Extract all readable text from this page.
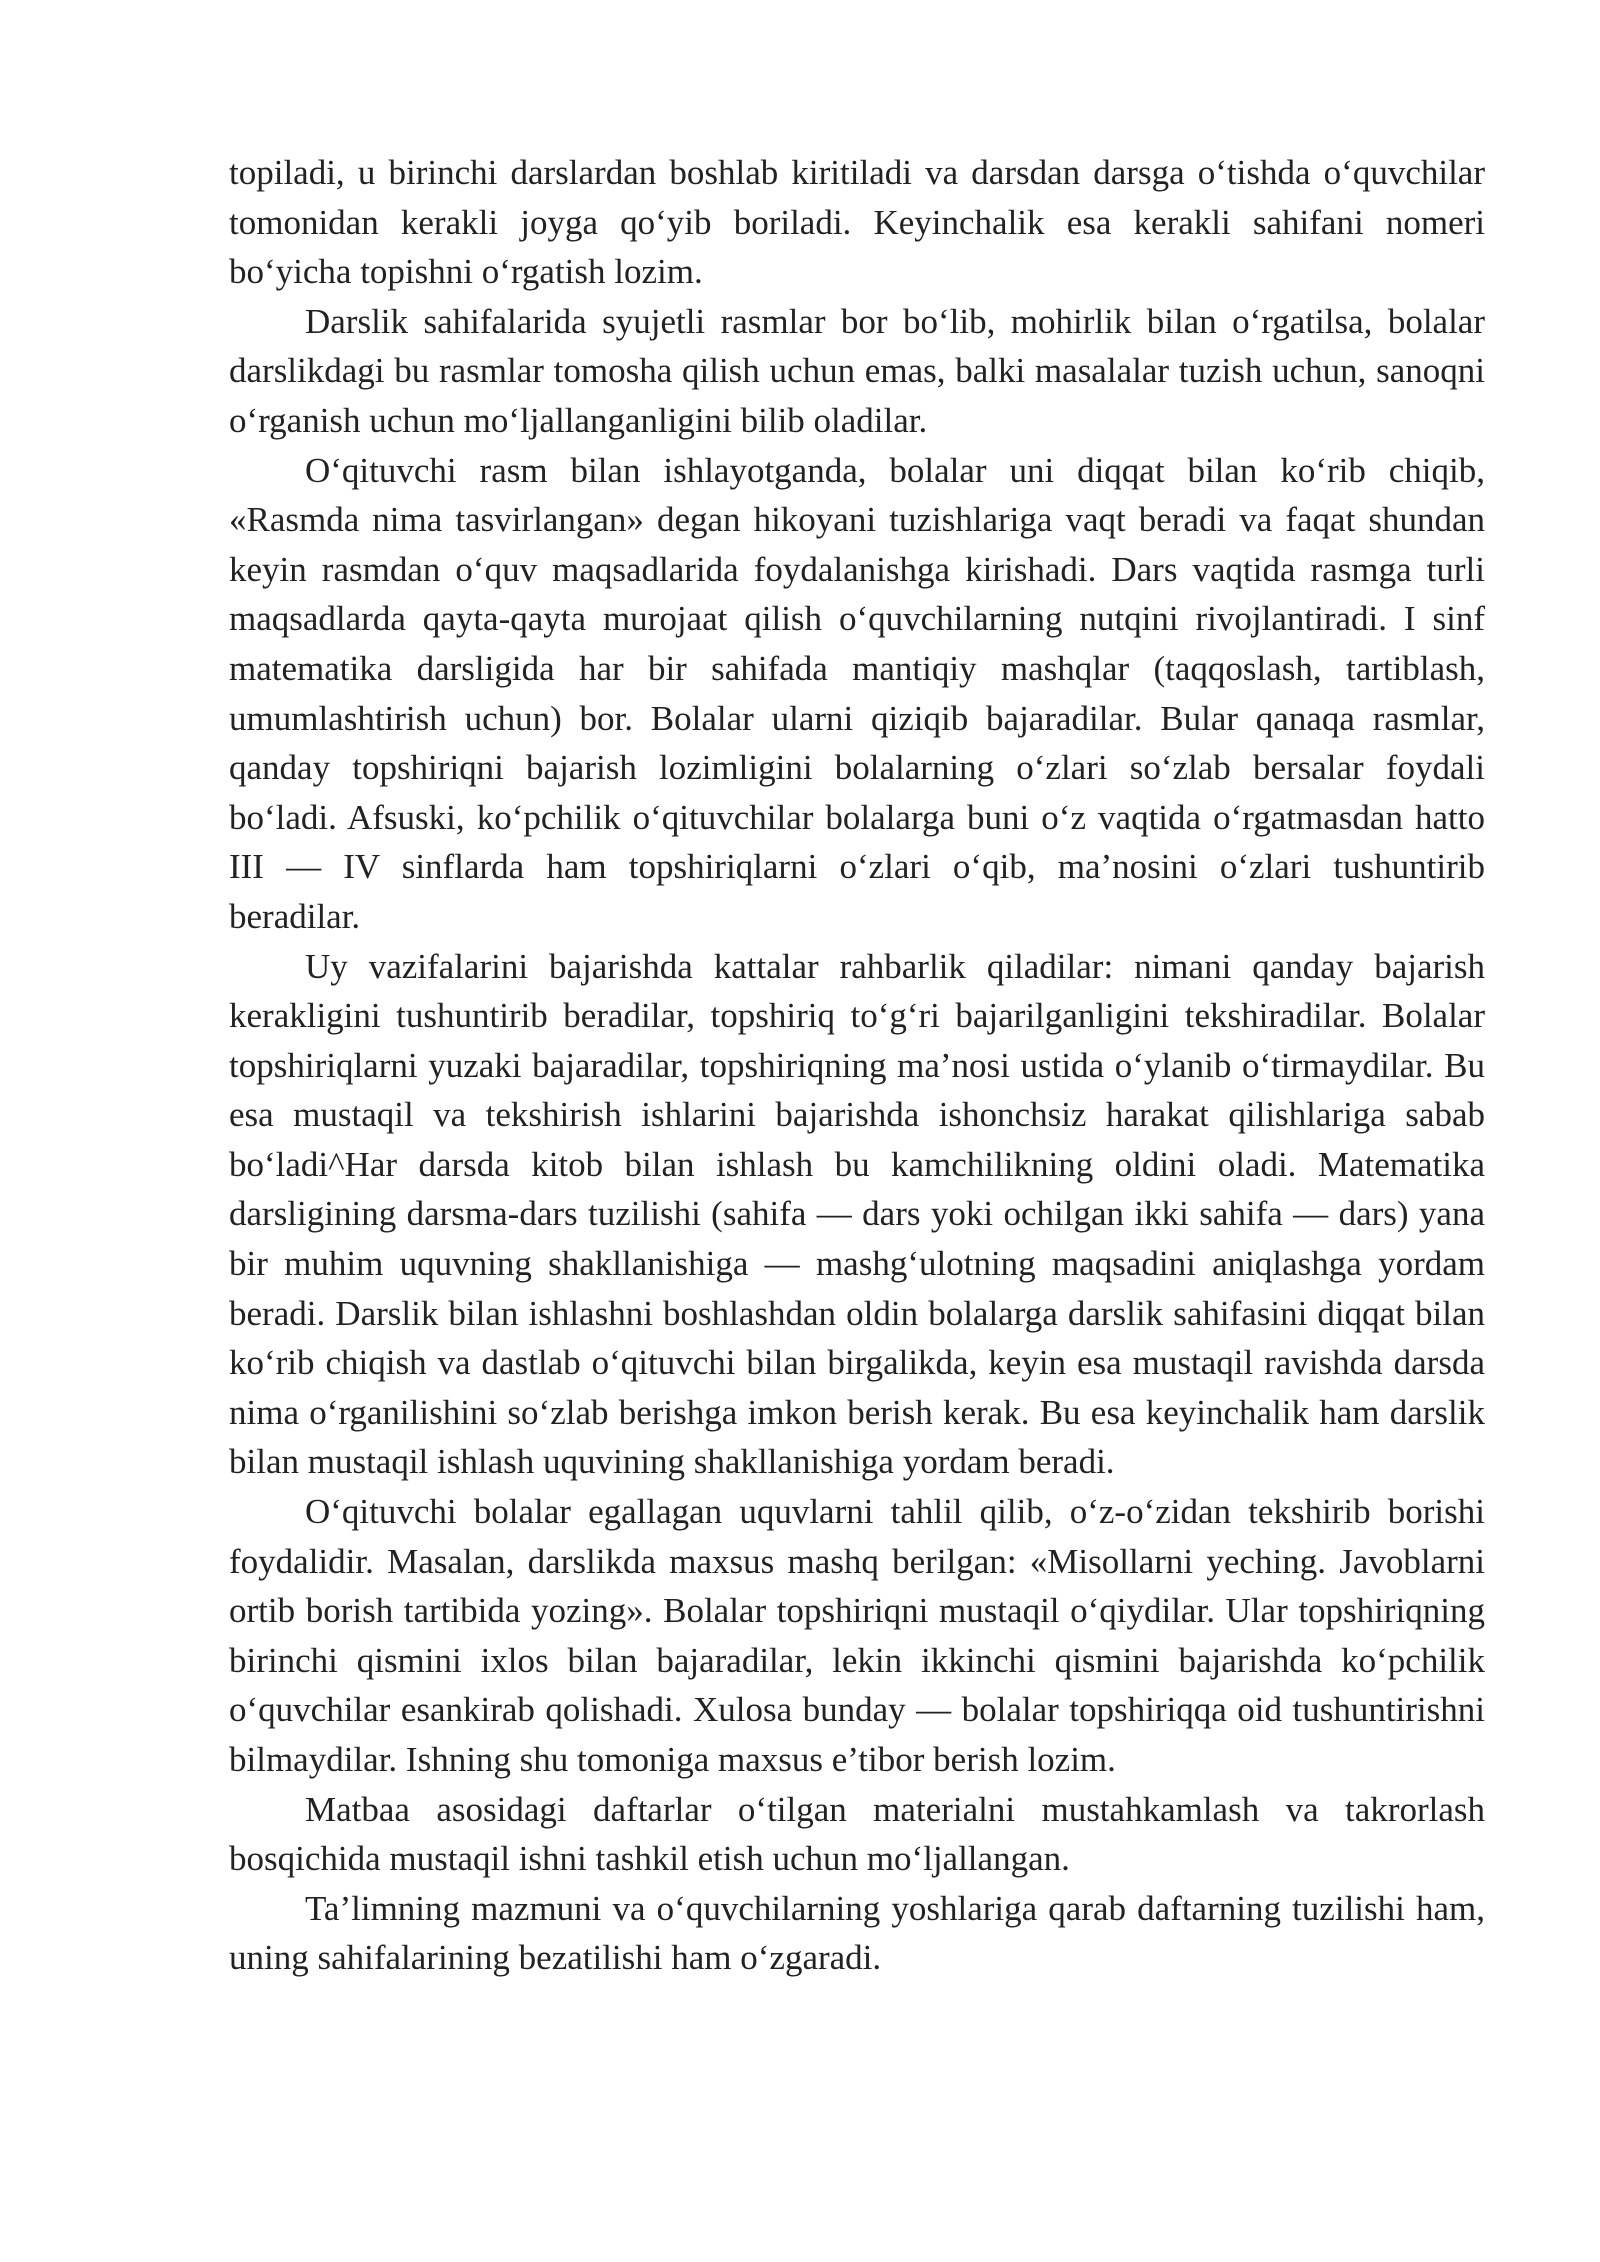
topiladi, u birinchi darslardan boshlab kiritiladi va darsdan darsga o‘tishda o‘quvchilar tomonidan kerakli joyga qo‘yib boriladi. Keyinchalik esa kerakli sahifani nomeri bo‘yicha topishni o‘rgatish lozim.

Darslik sahifalarida syujetli rasmlar bor bo‘lib, mohirlik bilan o‘rgatilsa, bolalar darslikdagi bu rasmlar tomosha qilish uchun emas, balki masalalar tuzish uchun, sanoqni o‘rganish uchun mo‘ljallanganligini bilib oladilar.

O‘qituvchi rasm bilan ishlayotganda, bolalar uni diqqat bilan ko‘rib chiqib, «Rasmda nima tasvirlangan» degan hikoyani tuzishlariga vaqt beradi va faqat shundan keyin rasmdan o‘quv maqsadlarida foydalanishga kirishadi. Dars vaqtida rasmga turli maqsadlarda qayta-qayta murojaat qilish o‘quvchilarning nutqini rivojlantiradi. I sinf matematika darsligida har bir sahifada mantiqiy mashqlar (taqqoslash, tartiblash, umumlashtirish uchun) bor. Bolalar ularni qiziqib bajaradilar. Bular qanaqa rasmlar, qanday topshiriqni bajarish lozimligini bolalarning o‘zlari so‘zlab bersalar foydali bo‘ladi. Afsuski, ko‘pchilik o‘qituvchilar bolalarga buni o‘z vaqtida o‘rgatmasdan hatto III — IV sinflarda ham topshiriqlarni o‘zlari o‘qib, ma’nosini o‘zlari tushuntirib beradilar.

Uy vazifalarini bajarishda kattalar rahbarlik qiladilar: nimani qanday bajarish kerakligini tushuntirib beradilar, topshiriq to‘g‘ri bajarilganligini tekshiradilar. Bolalar topshiriqlarni yuzaki bajaradilar, topshiriqning ma’nosi ustida o‘ylanib o‘tirmaydilar. Bu esa mustaqil va tekshirish ishlarini bajarishda ishonchsiz harakat qilishlariga sabab bo‘ladi^Har darsda kitob bilan ishlash bu kamchilikning oldini oladi. Matematika darsligining darsma-dars tuzilishi (sahifa — dars yoki ochilgan ikki sahifa — dars) yana bir muhim uquvning shakllanishiga — mashg‘ulotning maqsadini aniqlashga yordam beradi. Darslik bilan ishlashni boshlashdan oldin bolalarga darslik sahifasini diqqat bilan ko‘rib chiqish va dastlab o‘qituvchi bilan birgalikda, keyin esa mustaqil ravishda darsda nima o‘rganilishini so‘zlab berishga imkon berish kerak. Bu esa keyinchalik ham darslik bilan mustaqil ishlash uquvining shakllanishiga yordam beradi.

O‘qituvchi bolalar egallagan uquvlarni tahlil qilib, o‘z-o‘zidan tekshirib borishi foydalidir. Masalan, darslikda maxsus mashq berilgan: «Misollarni yeching. Javoblarni ortib borish tartibida yozing». Bolalar topshiriqni mustaqil o‘qiydilar. Ular topshiriqning birinchi qismini ixlos bilan bajaradilar, lekin ikkinchi qismini bajarishda ko‘pchilik o‘quvchilar esankirab qolishadi. Xulosa bunday — bolalar topshiriqqa oid tushuntirishni bilmaydilar. Ishning shu tomoniga maxsus e’tibor berish lozim.

Matbaa asosidagi daftarlar o‘tilgan materialni mustahkamlash va takrorlash bosqichida mustaqil ishni tashkil etish uchun mo‘ljallangan.

Ta’limning mazmuni va o‘quvchilarning yoshlariga qarab daftarning tuzilishi ham, uning sahifalarining bezatilishi ham o‘zgaradi.
